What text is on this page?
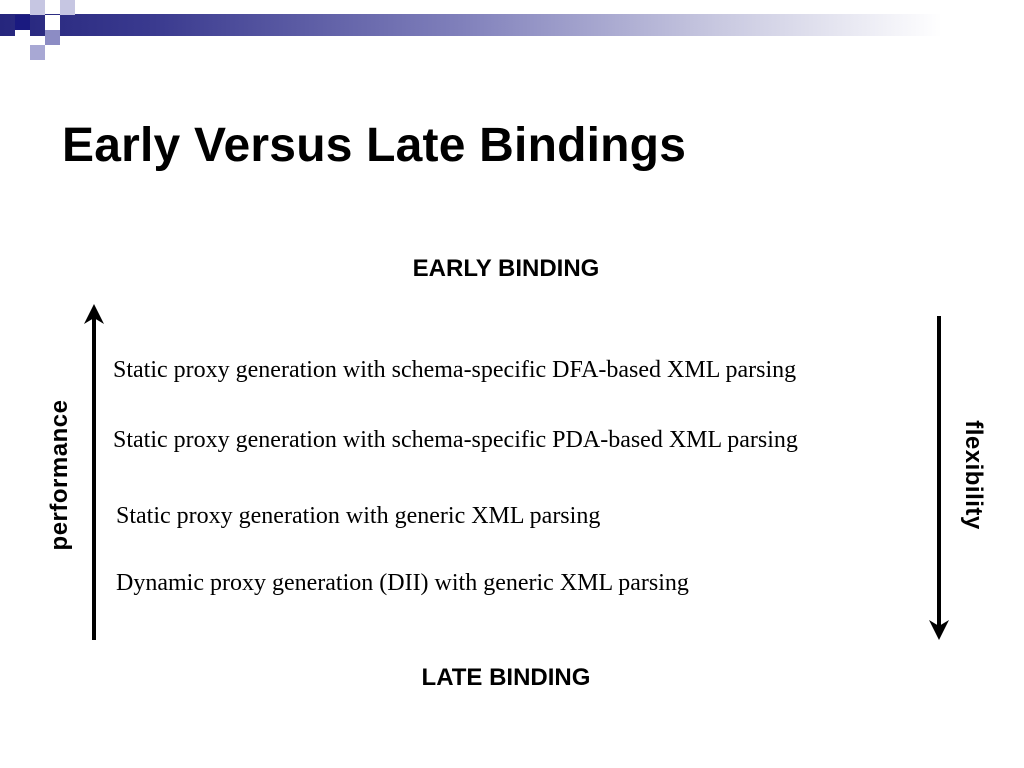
Early Versus Late Bindings
EARLY BINDING
performance	flexibility
Static proxy generation with schema-specific DFA-based XML parsing
Static proxy generation with schema-specific PDA-based XML parsing
Static proxy generation with generic XML parsing
Dynamic proxy generation (DII) with generic XML parsing
LATE BINDING
